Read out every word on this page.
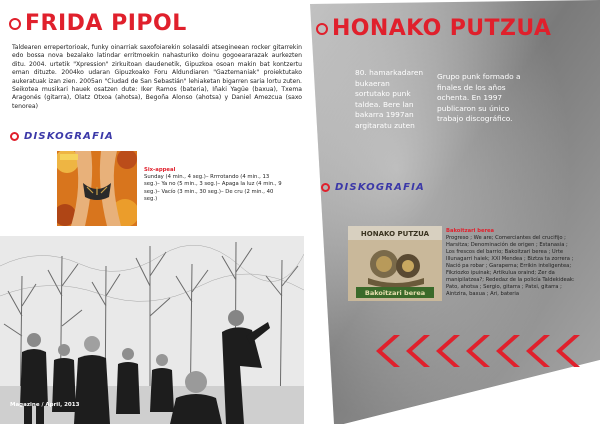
FRIDA PIPOL

Taldearen errepertorioak, funky oinarriak saxofoiarekin solasaldi atsegineean rocker gitarrekin edo bossa nova bezalako latindar erritmoekin nahasturiko doinu gogoeararazak aurkezten ditu. 2004. urtetik "Xpression" zirkuitoan daudenetik, Gipuzkoa osoan makin bat kontzertu eman dituzte. 2004ko udaran Gipuzkoako Foru Aldundiaren "Gaztemaniak" proiektutako aukeratuak izan zien. 2005an "Ciudad de San Sebastián" lehiaketan bigarren saria lortu zuten. Seikotea musikari hauek osatzen dute: Iker Ramos (bateria), Iñaki Yagüe (baxua), Txema Aragonés (gitarra), Olatz Otxoa (ahotsa), Begoña Alonso (ahotsa) y Daniel Amezcua (saxo tenorea)

DISKOGRAFIA

Six-appeal
Sunday (4 min., 4 seg.)– Rrrrotando (4 min., 13 seg.)– Ya no (5 min., 3 seg.)– Apaga la luz (4 min., 9 seg.)– Vacío (3 min., 30 seg.)– De cru (2 min., 40 seg.)

Magazine / April, 2013
HONAKO PUTZUA

80. hamarkadaren bukaeran sortutako punk taldea. Bere lan bakarra 1997an argitaratu zuten

Grupo punk formado a finales de los años ochenta. En 1997 publicaron su único trabajo discográfico.

DISKOGRAFIA
HONAKO PUTZUA
Bakoitzari berea

Bakoitzari berea
Progreso ; We are; Comerciantes del crucifijo ; Harsitza; Denominación de origen ; Estanasia ; Los frescos del barrio; Bakoitzari berea ; Urte Illunagarri haiek; XXI Mendea ; Biztza ta zorrera ; Nació pa robar ; Garaperna; Errikin inteligentea; Fikziozko ipuinak; Artikulua oraind; Zer da manipilatzea?; Rededaz de la policía Taldekideak: Pato, ahotsa ; Sergio, gitarra ; Patxi, gitarra ; Aintzira, baxua ; Ari, bateria
